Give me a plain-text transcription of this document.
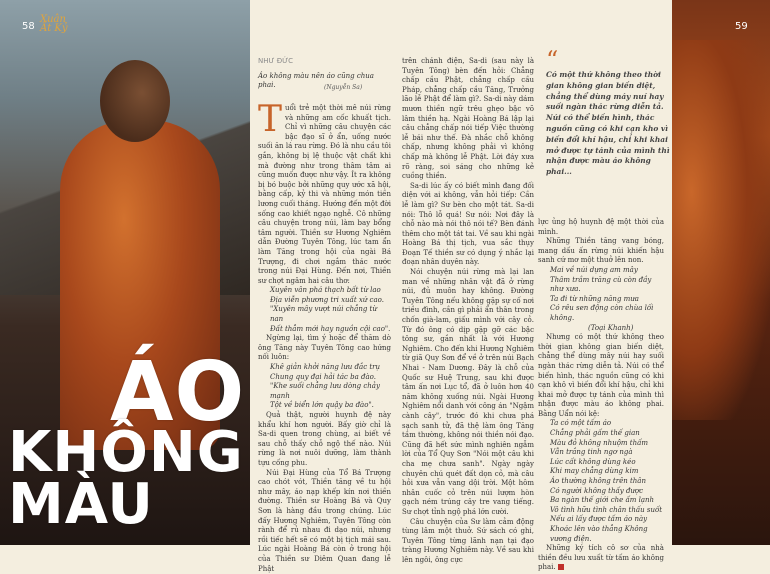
ÁO
KHÔNG
MÀU
58
Xuân
Ất Kỷ	59
NHƯ ĐỨC
Áo không màu nên áo cũng chua phai.	(Nguyễn Sa)

Tuổi trẻ một thời mê núi rừng và những am cốc khuất tịch. Chỉ vì những câu chuyện các bậc đạo sĩ ở ẩn, uống nước suối ăn lá rau rừng. Đó là nhu cầu tôi gắn, không bị lệ thuộc vật chất khi mà đường như trong thâm tâm ai cũng muốn được như vậy. Ít ra không bị bó buộc bởi những quy ước xã hội, bằng cấp, kỷ thi và những món tiền lương cuối tháng. Hướng đến một đời sống cao khiết ngạo nghễ. Cô những câu chuyện trong núi, làm bay bổng tâm người. Thiền sư Hương Nghiêm dẫn Đường Tuyên Tông, lúc tam ẩn làm Tăng trong hội của ngài Bá Trượng, đi chơi ngắm thác nước trong núi Đại Hùng. Đến nơi, Thiền sư chợt ngâm hai câu thơ:

Xuyên vân phá thạch bất từ lao

Địa viễn phương tri xuất xứ cao.

"Xuyên mây vượt núi chẳng từ nan

Đất thẳm mới hay nguồn cội cao".

Ngừng lại, tìm ý hoặc để thăm dò ông Tăng này Tuyên Tông cao hứng nối luôn:

Khê giản khởi năng lưu đắc trụ

Chung quy đại hải tác ba đào.

"Khe suối chẳng lưu dòng chảy mạnh

Tột về biển lớn quậy ba đào".

Quả thật, người huynh đệ này khẩu khí hơn người. Bấy giờ chỉ là Sa-di quen trong chùng, ai biết về sau chỗ thấy chỗ ngộ thế nào. Núi rừng là nơi nuôi dưỡng, làm thành tựu cống phu.

Núi Đại Hùng của Tổ Bá Trượng cao chót vót, Thiền tăng về tu hội như mây, áo nạp khếp kín nơi thiền đường. Thiền sư Hoàng Bá và Quy Sơn là hàng đầu trong chúng. Lúc đấy Hương Nghiêm, Tuyên Tông còn rành để rủ nhau đi dạo núi, nhưng rồi tiếc hết sẽ có một bị tịch mái sau. Lúc ngài Hoàng Bá còn ở trong hội của Thiền sư Diêm Quan đang lễ Phật

trên chánh điện, Sa-di (sau này là Tuyên Tông) bèn đến hỏi: Chẳng chấp cầu Phật, chẳng chấp cầu Pháp, chẳng chấp cầu Tăng, Trưởng lão lễ Phật để làm gì?. Sa-di này dám mươn thiền ngữ trêu ghẹo bậc võ lâm thiền hạ. Ngài Hoàng Bá lập lại câu chẳng chấp nói tiếp Việc thường lễ bái như thế. Đà nhắc chỗ không chấp, nhưng không phải vì không chấp mà không lễ Phật. Lời đáy xưa rõ ràng, soi sáng cho những kẻ cuồng thiền.

Sa-di lúc ấy có biết mình đang đối diện với ai không, vẫn hỏi tiếp: Cần lễ làm gì? Sư bèn cho một tát. Sa-di nói: Thô lỗ quá! Sư nói: Nơi đây là chỗ nào mà nói thô nói tế? Bèn đánh thêm cho một tát tai. Về sau khi ngài Hoàng Bá thị tịch, vua sắc thụy Đoạn Tế thiền sư có dụng ý nhắc lại đoạn nhân duyên này.

Nói chuyện núi rừng mà lại lan man về những nhân vật đã ở rừng núi, đủ muôn hay không. Đường Tuyên Tông nếu không gặp sự cố nơi triều đình, cần gì phải ẩn thân trong chốn già-lam, giấu mình với cây cỏ. Từ đó ông có dịp gặp gỡ các bậc tông sư, gắn nhất là với Hương Nghiêm. Cho đến khi Hương Nghiêm từ giã Quy Sơn để về ở trên núi Bạch Nhai - Nam Dương. Đây là chỗ của Quốc sư Huệ Trung, sau khi được tâm ấn nơi Lục tổ, đã ở luôn hơn 40 năm không xuống núi. Ngài Hương Nghiêm nổi danh với công án "Ngậm cành cây", trước đó khi chưa phá sạch sanh tử, đã thệ làm ông Tăng tầm thường, không nói thiền nói đạo. Cũng đã hết sức mình nghiên ngẫm lời của Tổ Quy Sơn "Nói một câu khi cha mẹ chưa sanh". Ngày ngày chuyên chú quét đất dọn cỏ, mà câu hỏi xưa vẫn vang dội trời. Một hôm nhân cuốc cỏ trên núi lượm hòn gạch ném trúng cây tre vang tiếng. Sư chợt tỉnh ngộ phá lớn cười.

Câu chuyện của Sư làm cảm động tùng lâm một thuở. Sứ sách có ghi, Tuyên Tông từng lãnh nạn tại đạo tràng Hương Nghiêm này. Về sau khi lên ngôi, ông cực

“
Có một thứ không theo thời gian không gian biến diệt, chẳng thể dùng máy nuí hay suối ngàn thác rừng diễn tả. Núi có thể biến hình, thác nguồn cũng có khi cạn kho vì biến đổi khí hậu, chỉ khi khai mở được tự tánh của mình thì nhận được màu áo không phai...

lực ủng hộ huynh đệ một thời của mình.

Những Thiền tăng vang bóng, mang dấu ấn rừng núi khiến hậu sanh cứ mơ một thuở lên non.

Mai về núi dựng am mây

Thâm trầm trăng cù còn đầy như xưa.

Ta đi từ những năng mưa

Có rêu sen động còn chùa lối không.

(Toại Khanh)

Nhưng có một thứ không theo thời gian không gian biến diệt, chẳng thể dùng mây núi hay suối ngàn thác rừng diễn tả. Núi có thể biến hình, thác nguồn cũng có khi cạn khô vì biến đổi khí hậu, chỉ khi khai mở được tự tánh của mình thì nhận được màu áo không phai. Bằng Uẩn nói kệ:

Ta có một tấm áo

Chẳng phải gấm thế gian

Màu đỏ không nhuộm thấm

Vẫn trắng tinh ngơ ngà

Lúc cất không dùng kéo

Khi may chẳng dùng kim

Áo thường không trên thân

Có người không thấy được

Ba ngàn thế giới che ấm lạnh

Vô tình hữu tình chân thấu suốt

Nếu ai lấy được tấm áo này

Khoác lên vào thẳng Không vương điện.

Những ký tích cô sơ của nhà thiền đều lưu xuất từ tấm áo không phai.
